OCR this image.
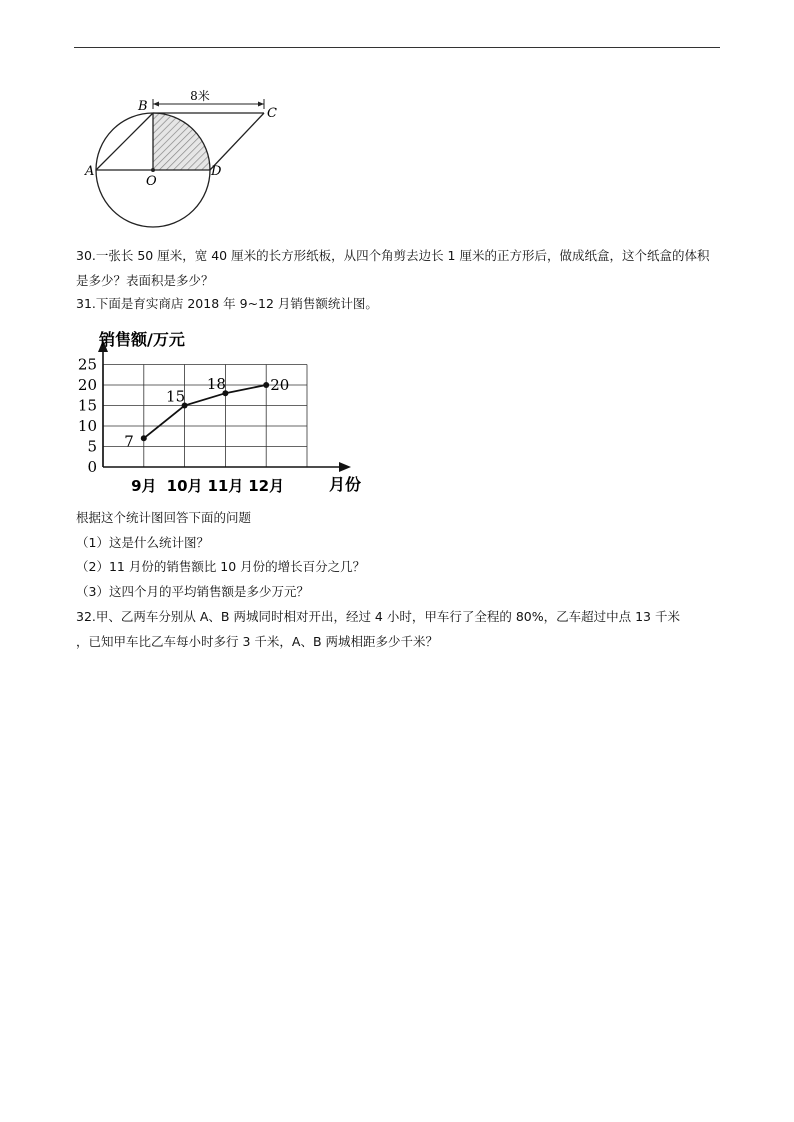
8米
B	C
A	D
O
30.一张长 50 厘米，宽 40 厘米的长方形纸板，从四个角剪去边长 1 厘米的正方形后，做成纸盒，这个纸盒的体积是多少？表面积是多少？
31.下面是育实商店 2018 年 9~12 月销售额统计图。
0
5
10
15
20
25
9月 10月 11月 12月
销售额/万元
月份
7
15
18	20
根据这个统计图回答下面的问题
（1）这是什么统计图？
（2）11 月份的销售额比 10 月份的增长百分之几？
（3）这四个月的平均销售额是多少万元？
32.甲、乙两车分别从 A、B 两城同时相对开出，经过 4 小时，甲车行了全程的 80%，乙车超过中点 13 千米
，已知甲车比乙车每小时多行 3 千米，A、B 两城相距多少千米？
